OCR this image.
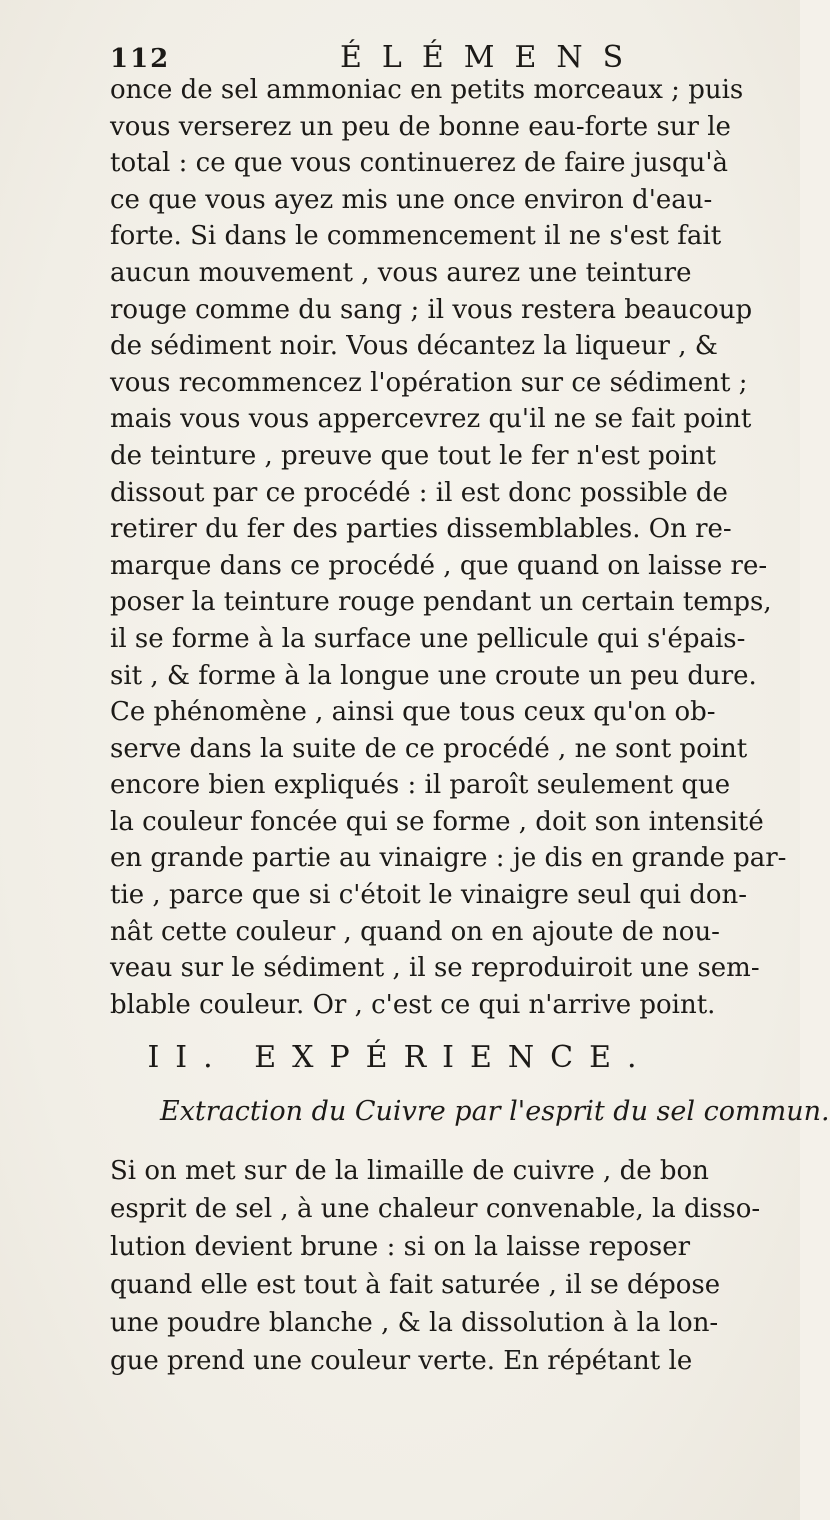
112	ÉLÉMENS
once de sel ammoniac en petits morceaux ; puis
vous verserez un peu de bonne eau-forte sur le
total : ce que vous continuerez de faire jusqu'à
ce que vous ayez mis une once environ d'eau-
forte. Si dans le commencement il ne s'est fait
aucun mouvement , vous aurez une teinture
rouge comme du sang ; il vous restera beaucoup
de sédiment noir. Vous décantez la liqueur , &
vous recommencez l'opération sur ce sédiment ;
mais vous vous appercevrez qu'il ne se fait point
de teinture , preuve que tout le fer n'est point
dissout par ce procédé : il est donc possible de
retirer du fer des parties dissemblables. On re-
marque dans ce procédé , que quand on laisse re-
poser la teinture rouge pendant un certain temps,
il se forme à la surface une pellicule qui s'épais-
sit , & forme à la longue une croute un peu dure.
Ce phénomène , ainsi que tous ceux qu'on ob-
serve dans la suite de ce procédé , ne sont point
encore bien expliqués : il paroît seulement que
la couleur foncée qui se forme , doit son intensité
en grande partie au vinaigre : je dis en grande par-
tie , parce que si c'étoit le vinaigre seul qui don-
nât cette couleur , quand on en ajoute de nou-
veau sur le sédiment , il se reproduiroit une sem-
blable couleur. Or , c'est ce qui n'arrive point.
II. EXPÉRIENCE.
Extraction du Cuivre par l'esprit du sel commun.
Si on met sur de la limaille de cuivre , de bon
esprit de sel , à une chaleur convenable, la disso-
lution devient brune : si on la laisse reposer
quand elle est tout à fait saturée , il se dépose
une poudre blanche , & la dissolution à la lon-
gue prend une couleur verte. En répétant le
